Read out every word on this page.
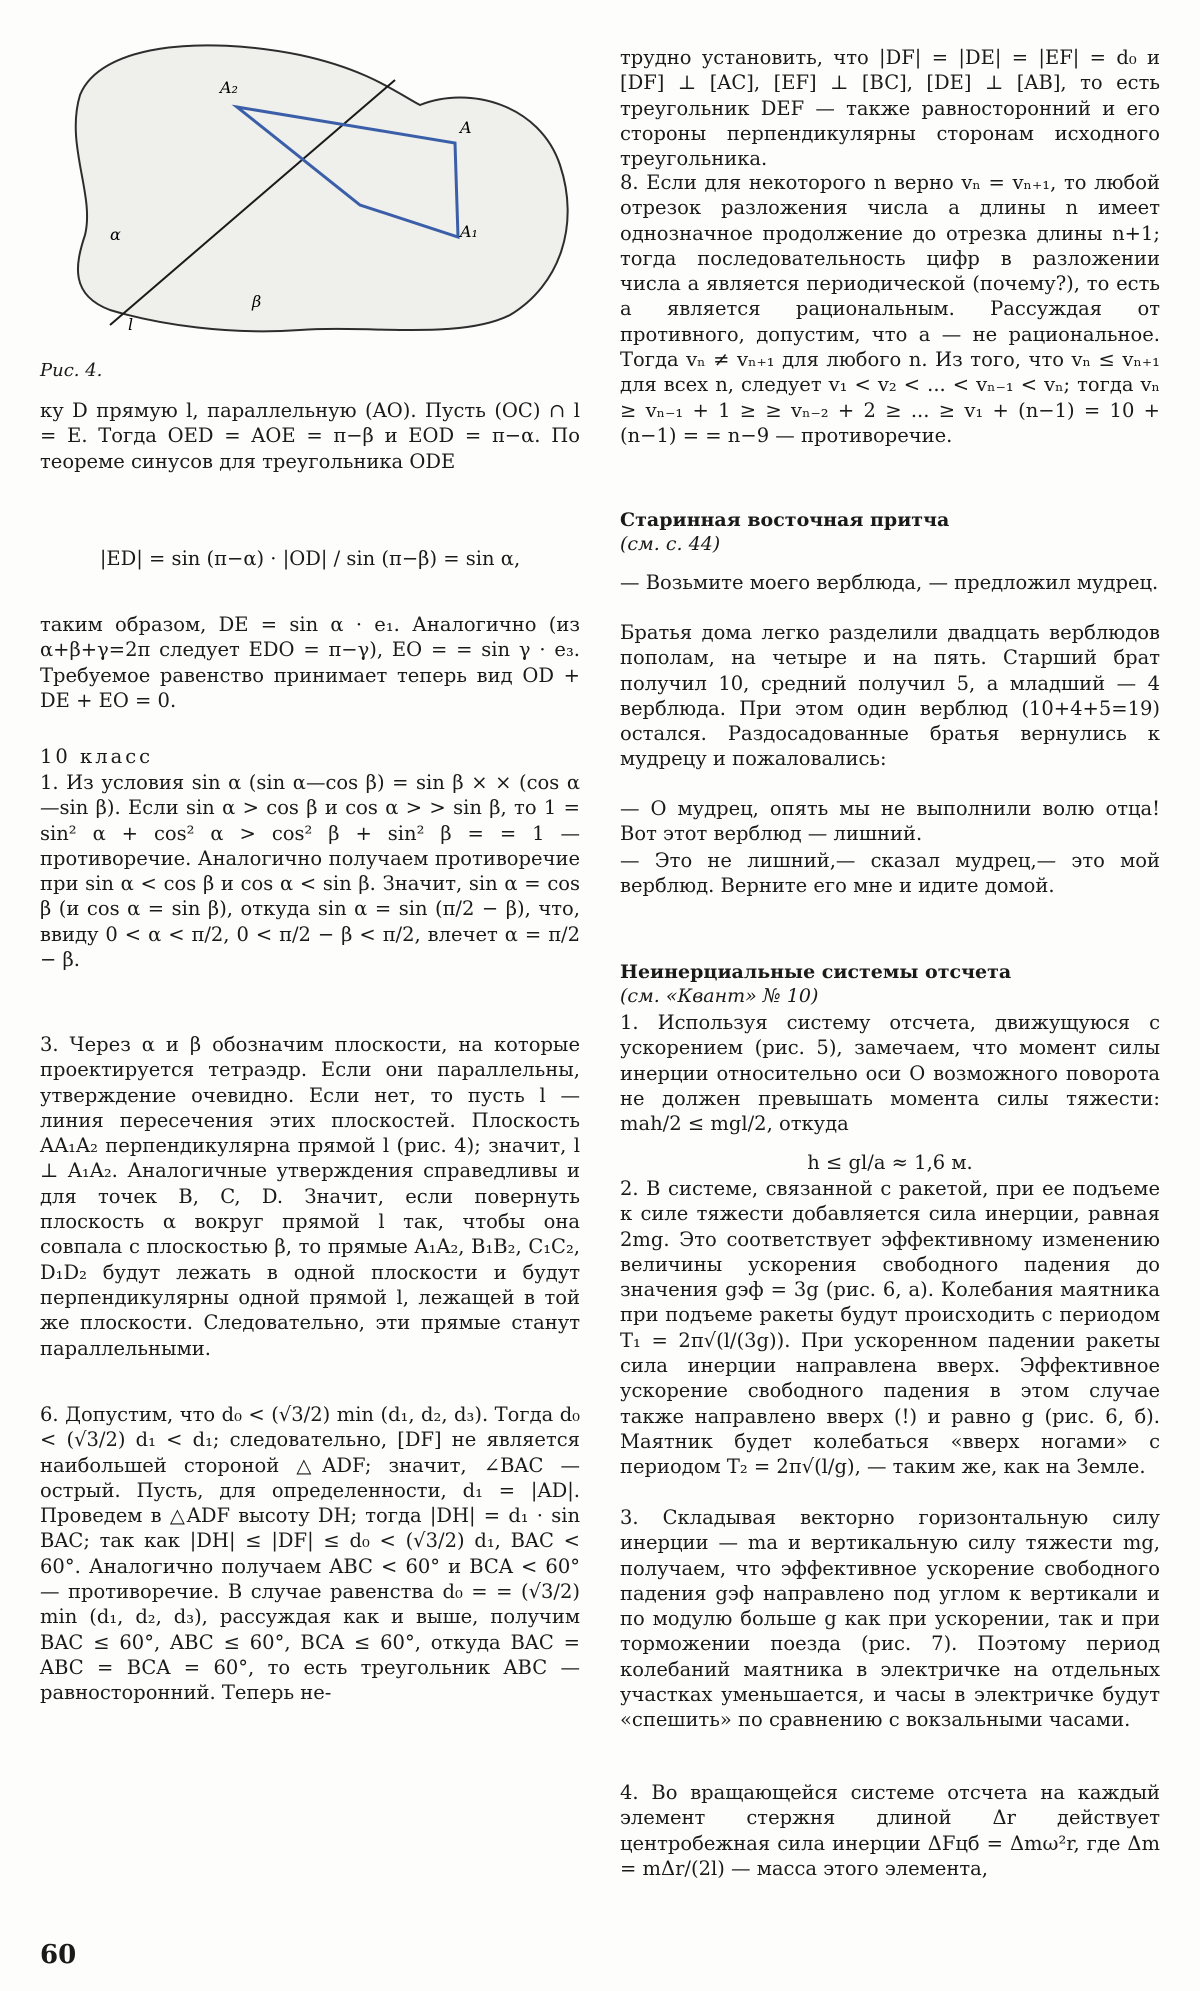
A₂
A
A₁
α
β
l
Рис. 4.

ку D прямую l, параллельную (AO). Пусть (OC) ∩ l = E. Тогда OED = AOE = π−β и EOD = π−α. По теореме синусов для треугольника ODE

|ED| = sin (π−α) · |OD| / sin (π−β) = sin α,

таким образом, DE = sin α · e₁. Аналогично (из α+β+γ=2π следует EDO = π−γ), EO = = sin γ · e₃. Требуемое равенство принимает теперь вид OD + DE + EO = 0.

10 класс

1. Из условия sin α (sin α—cos β) = sin β × × (cos α—sin β). Если sin α > cos β и cos α > > sin β, то 1 = sin² α + cos² α > cos² β + sin² β = = 1 — противоречие. Аналогично получаем противоречие при sin α < cos β и cos α < sin β. Значит, sin α = cos β (и cos α = sin β), откуда sin α = sin (π/2 − β), что, ввиду 0 < α < π/2, 0 < π/2 − β < π/2, влечет α = π/2 − β.

3. Через α и β обозначим плоскости, на которые проектируется тетраэдр. Если они параллельны, утверждение очевидно. Если нет, то пусть l — линия пересечения этих плоскостей. Плоскость AA₁A₂ перпендикулярна прямой l (рис. 4); значит, l ⊥ A₁A₂. Аналогичные утверждения справедливы и для точек B, C, D. Значит, если повернуть плоскость α вокруг прямой l так, чтобы она совпала с плоскостью β, то прямые A₁A₂, B₁B₂, C₁C₂, D₁D₂ будут лежать в одной плоскости и будут перпендикулярны одной прямой l, лежащей в той же плоскости. Следовательно, эти прямые станут параллельными.

6. Допустим, что d₀ < (√3/2) min (d₁, d₂, d₃). Тогда d₀ < (√3/2) d₁ < d₁; следовательно, [DF] не является наибольшей стороной △ADF; значит, ∠BAC — острый. Пусть, для определенности, d₁ = |AD|. Проведем в △ADF высоту DH; тогда |DH| = d₁ · sin BAC; так как |DH| ≤ |DF| ≤ d₀ < (√3/2) d₁, BAC < 60°. Аналогично получаем ABC < 60° и BCA < 60° — противоречие. В случае равенства d₀ = = (√3/2) min (d₁, d₂, d₃), рассуждая как и выше, получим BAC ≤ 60°, ABC ≤ 60°, BCA ≤ 60°, откуда BAC = ABC = BCA = 60°, то есть треугольник ABC — равносторонний. Теперь не-

трудно установить, что |DF| = |DE| = |EF| = d₀ и [DF] ⊥ [AC], [EF] ⊥ [BC], [DE] ⊥ [AB], то есть треугольник DEF — также равносторонний и его стороны перпендикулярны сторонам исходного треугольника.

8. Если для некоторого n верно vₙ = vₙ₊₁, то любой отрезок разложения числа a длины n имеет однозначное продолжение до отрезка длины n+1; тогда последовательность цифр в разложении числа a является периодической (почему?), то есть a является рациональным. Рассуждая от противного, допустим, что a — не рациональное. Тогда vₙ ≠ vₙ₊₁ для любого n. Из того, что vₙ ≤ vₙ₊₁ для всех n, следует v₁ < v₂ < ... < vₙ₋₁ < vₙ; тогда vₙ ≥ vₙ₋₁ + 1 ≥ ≥ vₙ₋₂ + 2 ≥ ... ≥ v₁ + (n−1) = 10 + (n−1) = = n−9 — противоречие.

Старинная восточная притча
(см. с. 44)

— Возьмите моего верблюда, — предложил мудрец.

Братья дома легко разделили двадцать верблюдов пополам, на четыре и на пять. Старший брат получил 10, средний получил 5, а младший — 4 верблюда. При этом один верблюд (10+4+5=19) остался. Раздосадованные братья вернулись к мудрецу и пожаловались:

— О мудрец, опять мы не выполнили волю отца! Вот этот верблюд — лишний.

— Это не лишний,— сказал мудрец,— это мой верблюд. Верните его мне и идите домой.

Неинерциальные системы отсчета
(см. «Квант» № 10)

1. Используя систему отсчета, движущуюся с ускорением (рис. 5), замечаем, что момент силы инерции относительно оси O возможного поворота не должен превышать момента силы тяжести: mah/2 ≤ mgl/2, откуда

h ≤ gl/a ≈ 1,6 м.

2. В системе, связанной с ракетой, при ее подъеме к силе тяжести добавляется сила инерции, равная 2mg. Это соответствует эффективному изменению величины ускорения свободного падения до значения gэф = 3g (рис. 6, а). Колебания маятника при подъеме ракеты будут происходить с периодом T₁ = 2π√(l/(3g)). При ускоренном падении ракеты сила инерции направлена вверх. Эффективное ускорение свободного падения в этом случае также направлено вверх (!) и равно g (рис. 6, б). Маятник будет колебаться «вверх ногами» с периодом T₂ = 2π√(l/g), — таким же, как на Земле.

3. Складывая векторно горизонтальную силу инерции — ma и вертикальную силу тяжести mg, получаем, что эффективное ускорение свободного падения gэф направлено под углом к вертикали и по модулю больше g как при ускорении, так и при торможении поезда (рис. 7). Поэтому период колебаний маятника в электричке на отдельных участках уменьшается, и часы в электричке будут «спешить» по сравнению с вокзальными часами.

4. Во вращающейся системе отсчета на каждый элемент стержня длиной Δr действует центробежная сила инерции ΔFцб = Δmω²r, где Δm = mΔr/(2l) — масса этого элемента,

60
